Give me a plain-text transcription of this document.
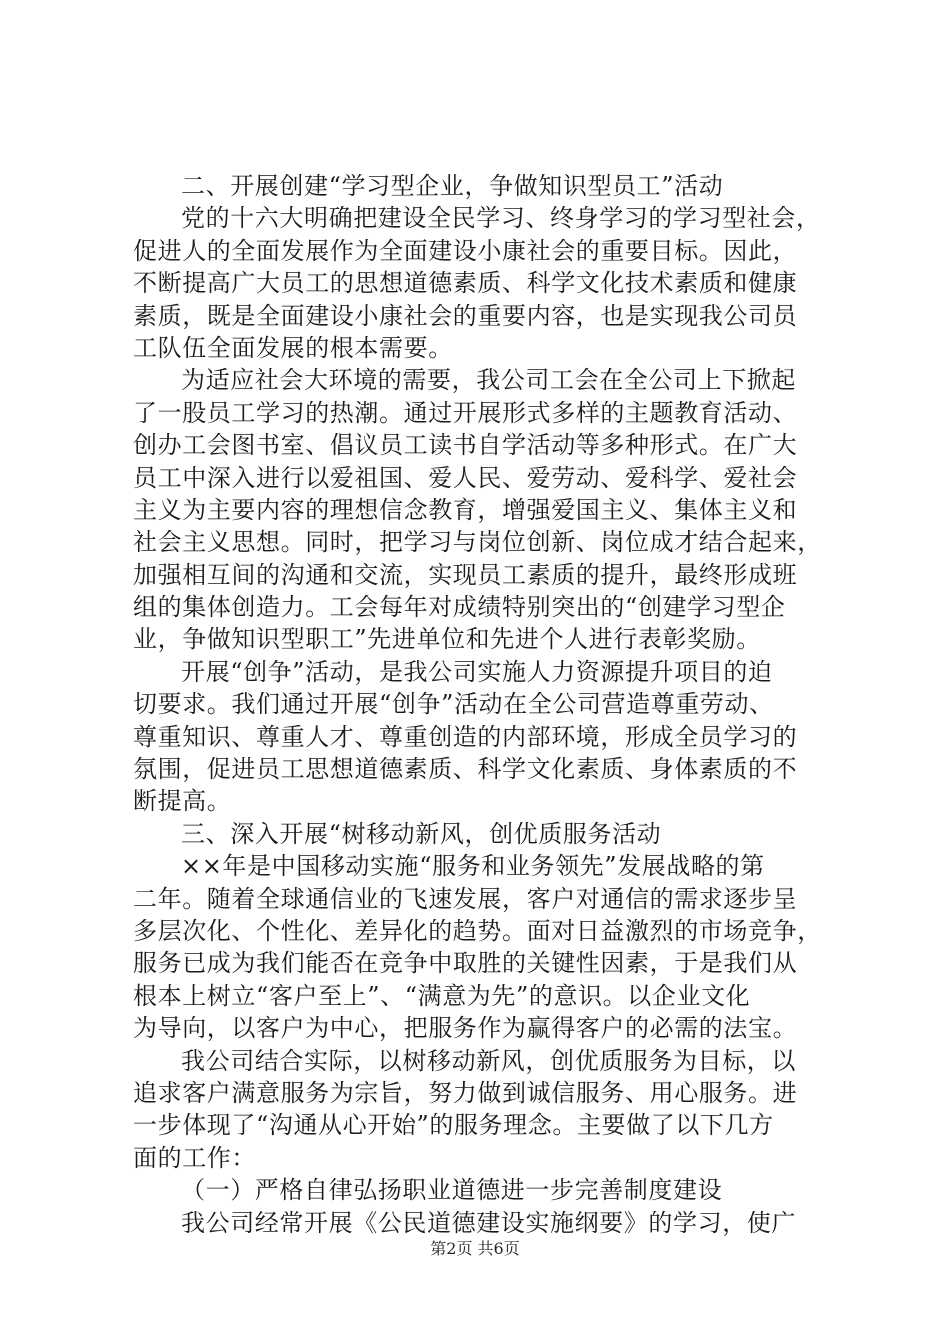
二、开展创建“学习型企业，争做知识型员工”活动
党的十六大明确把建设全民学习、终身学习的学习型社会，
促进人的全面发展作为全面建设小康社会的重要目标。因此，
不断提高广大员工的思想道德素质、科学文化技术素质和健康
素质，既是全面建设小康社会的重要内容，也是实现我公司员
工队伍全面发展的根本需要。
为适应社会大环境的需要，我公司工会在全公司上下掀起
了一股员工学习的热潮。通过开展形式多样的主题教育活动、
创办工会图书室、倡议员工读书自学活动等多种形式。在广大
员工中深入进行以爱祖国、爱人民、爱劳动、爱科学、爱社会
主义为主要内容的理想信念教育，增强爱国主义、集体主义和
社会主义思想。同时，把学习与岗位创新、岗位成才结合起来，
加强相互间的沟通和交流，实现员工素质的提升，最终形成班
组的集体创造力。工会每年对成绩特别突出的“创建学习型企
业，争做知识型职工”先进单位和先进个人进行表彰奖励。
开展“创争”活动，是我公司实施人力资源提升项目的迫
切要求。我们通过开展“创争”活动在全公司营造尊重劳动、
尊重知识、尊重人才、尊重创造的内部环境，形成全员学习的
氛围，促进员工思想道德素质、科学文化素质、身体素质的不
断提高。
三、深入开展“树移动新风，创优质服务活动
××年是中国移动实施“服务和业务领先”发展战略的第
二年。随着全球通信业的飞速发展，客户对通信的需求逐步呈
多层次化、个性化、差异化的趋势。面对日益激烈的市场竞争，
服务已成为我们能否在竞争中取胜的关键性因素，于是我们从
根本上树立“客户至上”、“满意为先”的意识。以企业文化
为导向，以客户为中心，把服务作为赢得客户的必需的法宝。
我公司结合实际，以树移动新风，创优质服务为目标，以
追求客户满意服务为宗旨，努力做到诚信服务、用心服务。进
一步体现了“沟通从心开始”的服务理念。主要做了以下几方
面的工作：
（一）严格自律弘扬职业道德进一步完善制度建设
我公司经常开展《公民道德建设实施纲要》的学习，使广
第2页 共6页
